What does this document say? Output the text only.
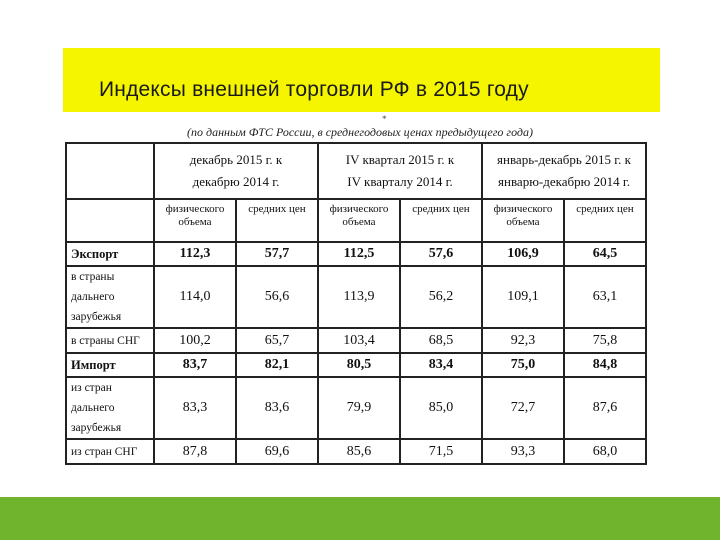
Индексы внешней торговли РФ в 2015 году
*
(по данным ФТС России, в среднегодовых ценах предыдущего года)

	декабрь 2015 г. к
декабрю 2014 г.		IV квартал 2015 г. к
IV кварталу 2014 г.		январь-декабрь 2015 г. к
январю-декабрю 2014 г.	

	физического объема	средних цен	физического объема	средних цен	физического объема	средних цен
Экспорт	112,3	57,7	112,5	57,6	106,9	64,5
в страны дальнего зарубежья	114,0	56,6	113,9	56,2	109,1	63,1
в страны СНГ	100,2	65,7	103,4	68,5	92,3	75,8
Импорт	83,7	82,1	80,5	83,4	75,0	84,8
из стран дальнего зарубежья	83,3	83,6	79,9	85,0	72,7	87,6
из стран СНГ	87,8	69,6	85,6	71,5	93,3	68,0
